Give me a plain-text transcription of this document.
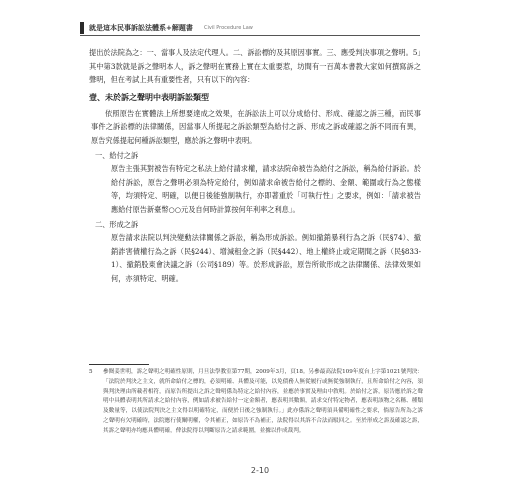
就是這本民事訴訟法體系+解題書 Civil Procedure Law

提出於法院為之：一、當事人及法定代理人。二、訴訟標的及其原因事實。三、應受判決事項之聲明。5」其中第3款就是訴之聲明本人，訴之聲明在實務上實在太重要惹，坊間有一百萬本書教大家如何撰寫訴之聲明，但在考試上具有重要性者，只有以下的內容：

壹、未於訴之聲明中表明訴訟類型

依照原告在實體法上所想要達成之效果，在訴訟法上可以分成給付、形成、確認之訴三種，而民事事件之訴訟標的法律關係，因當事人所提起之訴訟類型為給付之訴、形成之訴或確認之訴不同而有異，原告究係提起何種訴訟類型，應於訴之聲明中表明。

一、給付之訴

原告主張其對被告有特定之私法上給付請求權，請求法院命被告為給付之訴訟，稱為給付訴訟。於給付訴訟，原告之聲明必須為特定給付，例如請求命被告給付之標的、金額、範圍或行為之態樣等，均須特定、明確，以便日後能強制執行，亦即著重於「可執行性」之要求，例如：「請求被告應給付原告新臺幣○○元及自何時計算按何年利率之利息」。

二、形成之訴

原告請求法院以判決變動法律關係之訴訟，稱為形成訴訟。例如撤銷暴利行為之訴（民§74）、撤銷詐害債權行為之訴（民§244）、增減租金之訴（民§442）、地上權終止或定期間之訴（民§833-1）、撤銷股東會決議之訴（公司§189）等。於形成訴訟，原告所欲形成之法律關係、法律效果如何，亦須特定、明確。

5 參閱姜世明，訴之聲明之明確性原則，月旦法學教室第77期，2009年3月，頁18。另參最高法院109年度台上字第1021號判決：「法院於判決之主文，就所命給付之標的，必須明確、具體及可能，以免債務人無從履行或無從強制執行，且所命給付之內容，須與判決理由所載者相符，而原告所提出之訴之聲明係為特定之給付內容，並應於事實及理由中敘明。於給付之訴，原告應於訴之聲明中具體表明其所請求之給付內容，例如請求被告給付一定金額者，應表明其數額，請求交付特定物者，應表明該物之名稱、種類及數量等，以使法院判決之主文得以明確特定，而便於日後之強制執行。」此亦係訴之聲明須具備明確性之要求，倘原告所為之訴之聲明有欠明確時，法院應行使闡明權，令其補正，如原告不為補正，法院得以其訴不合法而駁回之。至於形成之訴及確認之訴，其訴之聲明亦均應具體明確，俾法院得以判斷原告之請求範圍，並據以作成裁判。
2-10
